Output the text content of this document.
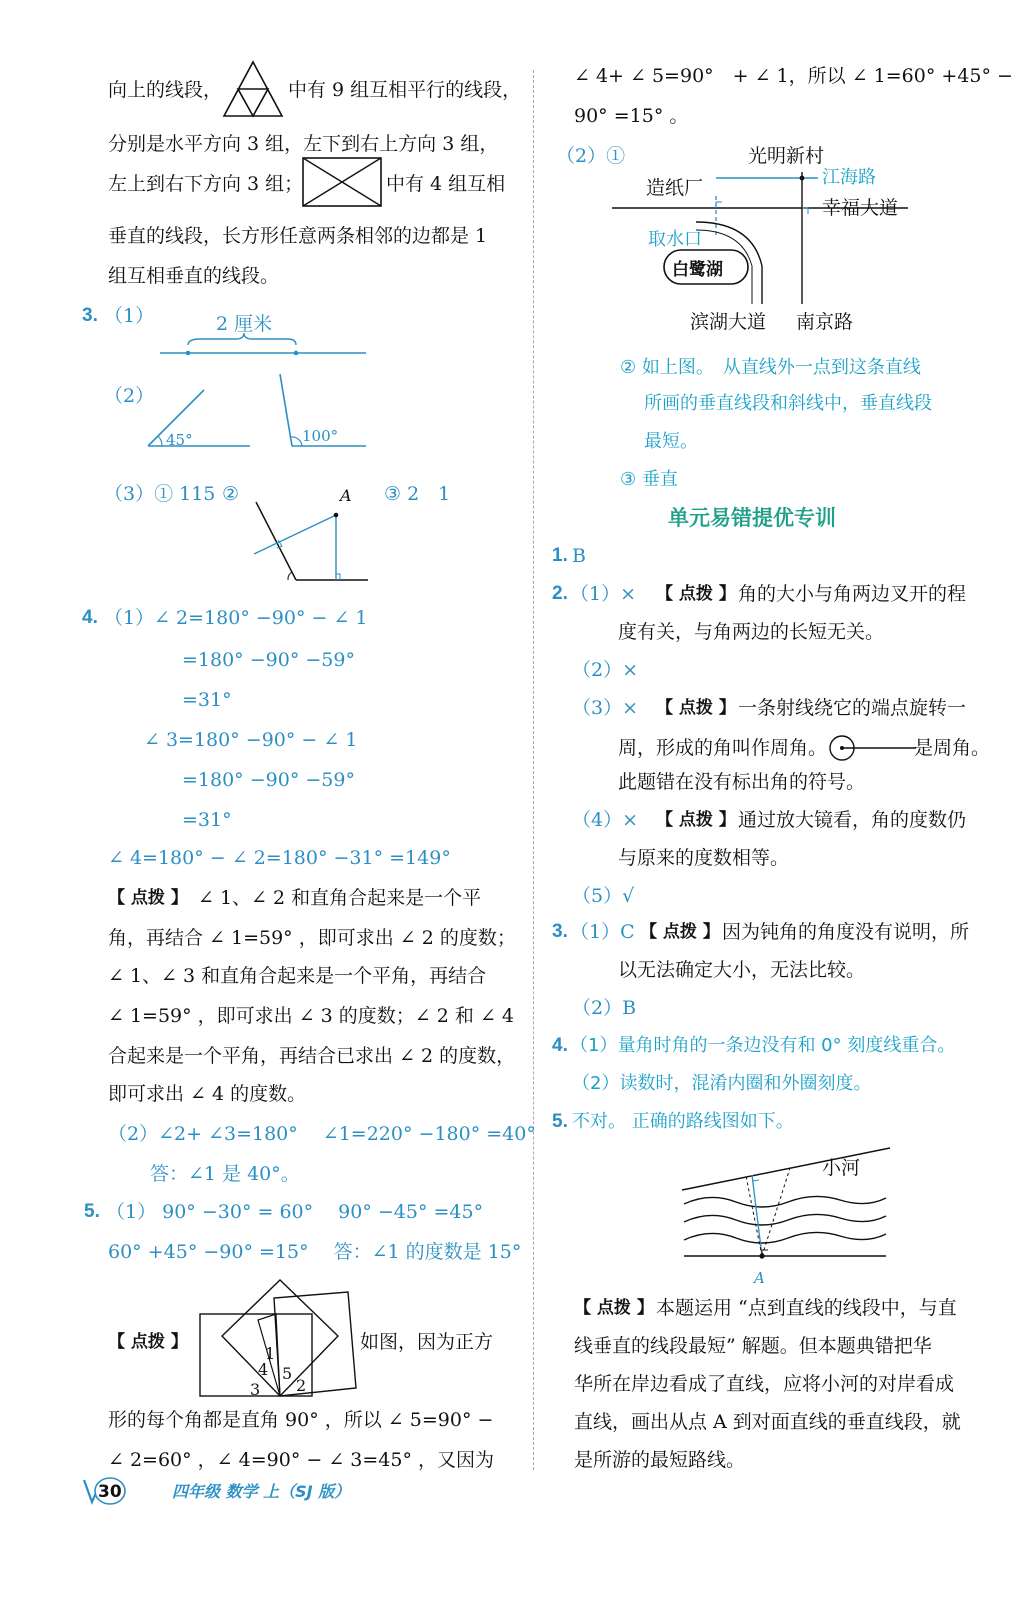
向上的线段，	中有 9 组互相平行的线段，
分别是水平方向 3 组，左下到右上方向 3 组，
左上到右下方向 3 组；	中有 4 组互相
垂直的线段，长方形任意两条相邻的边都是 1
组互相垂直的线段。
3. （1）	2 厘米
（2）
45°	100°
（3）① 115 ②	A ③ 2　1
4. （1）∠ 2=180° −90° − ∠ 1
=180° −90° −59°
=31°
∠ 3=180° −90° − ∠ 1
=180° −90° −59°
=31°
∠ 4=180° − ∠ 2=180° −31° =149°
【 点拨 】 ∠ 1、∠ 2 和直角合起来是一个平
角，再结合 ∠ 1=59° ，即可求出 ∠ 2 的度数；
∠ 1、∠ 3 和直角合起来是一个平角，再结合
∠ 1=59° ，即可求出 ∠ 3 的度数；∠ 2 和 ∠ 4
合起来是一个平角，再结合已求出 ∠ 2 的度数，
即可求出 ∠ 4 的度数。
（2）∠2+ ∠3=180°　 ∠1=220° −180° =40°
答：∠1 是 40°。
5. （1） 90° −30° = 60°　 90° −45° =45°
60° +45° −90° =15°　 答：∠1 的度数是 15°
【 点拨 】
1
4 5
3 2
如图，因为正方
形的每个角都是直角 90° ，所以 ∠ 5=90° −
∠ 2=60° ，∠ 4=90° − ∠ 3=45° ，又因为
∠ 4+ ∠ 5=90°　+ ∠ 1，所以 ∠ 1=60° +45° −
90° =15° 。
（2）①	光明新村
造纸厂	江海路
幸福大道
取水口
白鹭湖
滨湖大道 南京路
② 如上图。　从直线外一点到这条直线
所画的垂直线段和斜线中，垂直线段
最短。
③ 垂直
单元易错提优专训
1. B
2. （1）× 【 点拨 】 角的大小与角两边叉开的程
度有关，与角两边的长短无关。
（2）×
（3）× 【 点拨 】 一条射线绕它的端点旋转一
周，形成的角叫作周角。	是周角。
此题错在没有标出角的符号。
（4）× 【 点拨 】 通过放大镜看，角的度数仍
与原来的度数相等。
（5）√
3. （1）C 【 点拨 】 因为钝角的角度没有说明，所
以无法确定大小，无法比较。
（2）B
4. （1）量角时角的一条边没有和 0° 刻度线重合。
（2）读数时，混淆内圈和外圈刻度。
5. 不对。 正确的路线图如下。
小河
A
【 点拨 】 本题运用 “点到直线的线段中，与直
线垂直的线段最短” 解题。但本题典错把华
华所在岸边看成了直线，应将小河的对岸看成
直线，画出从点 A 到对面直线的垂直线段，就
是所游的最短路线。
30	四年级 数学 上（SJ 版）
